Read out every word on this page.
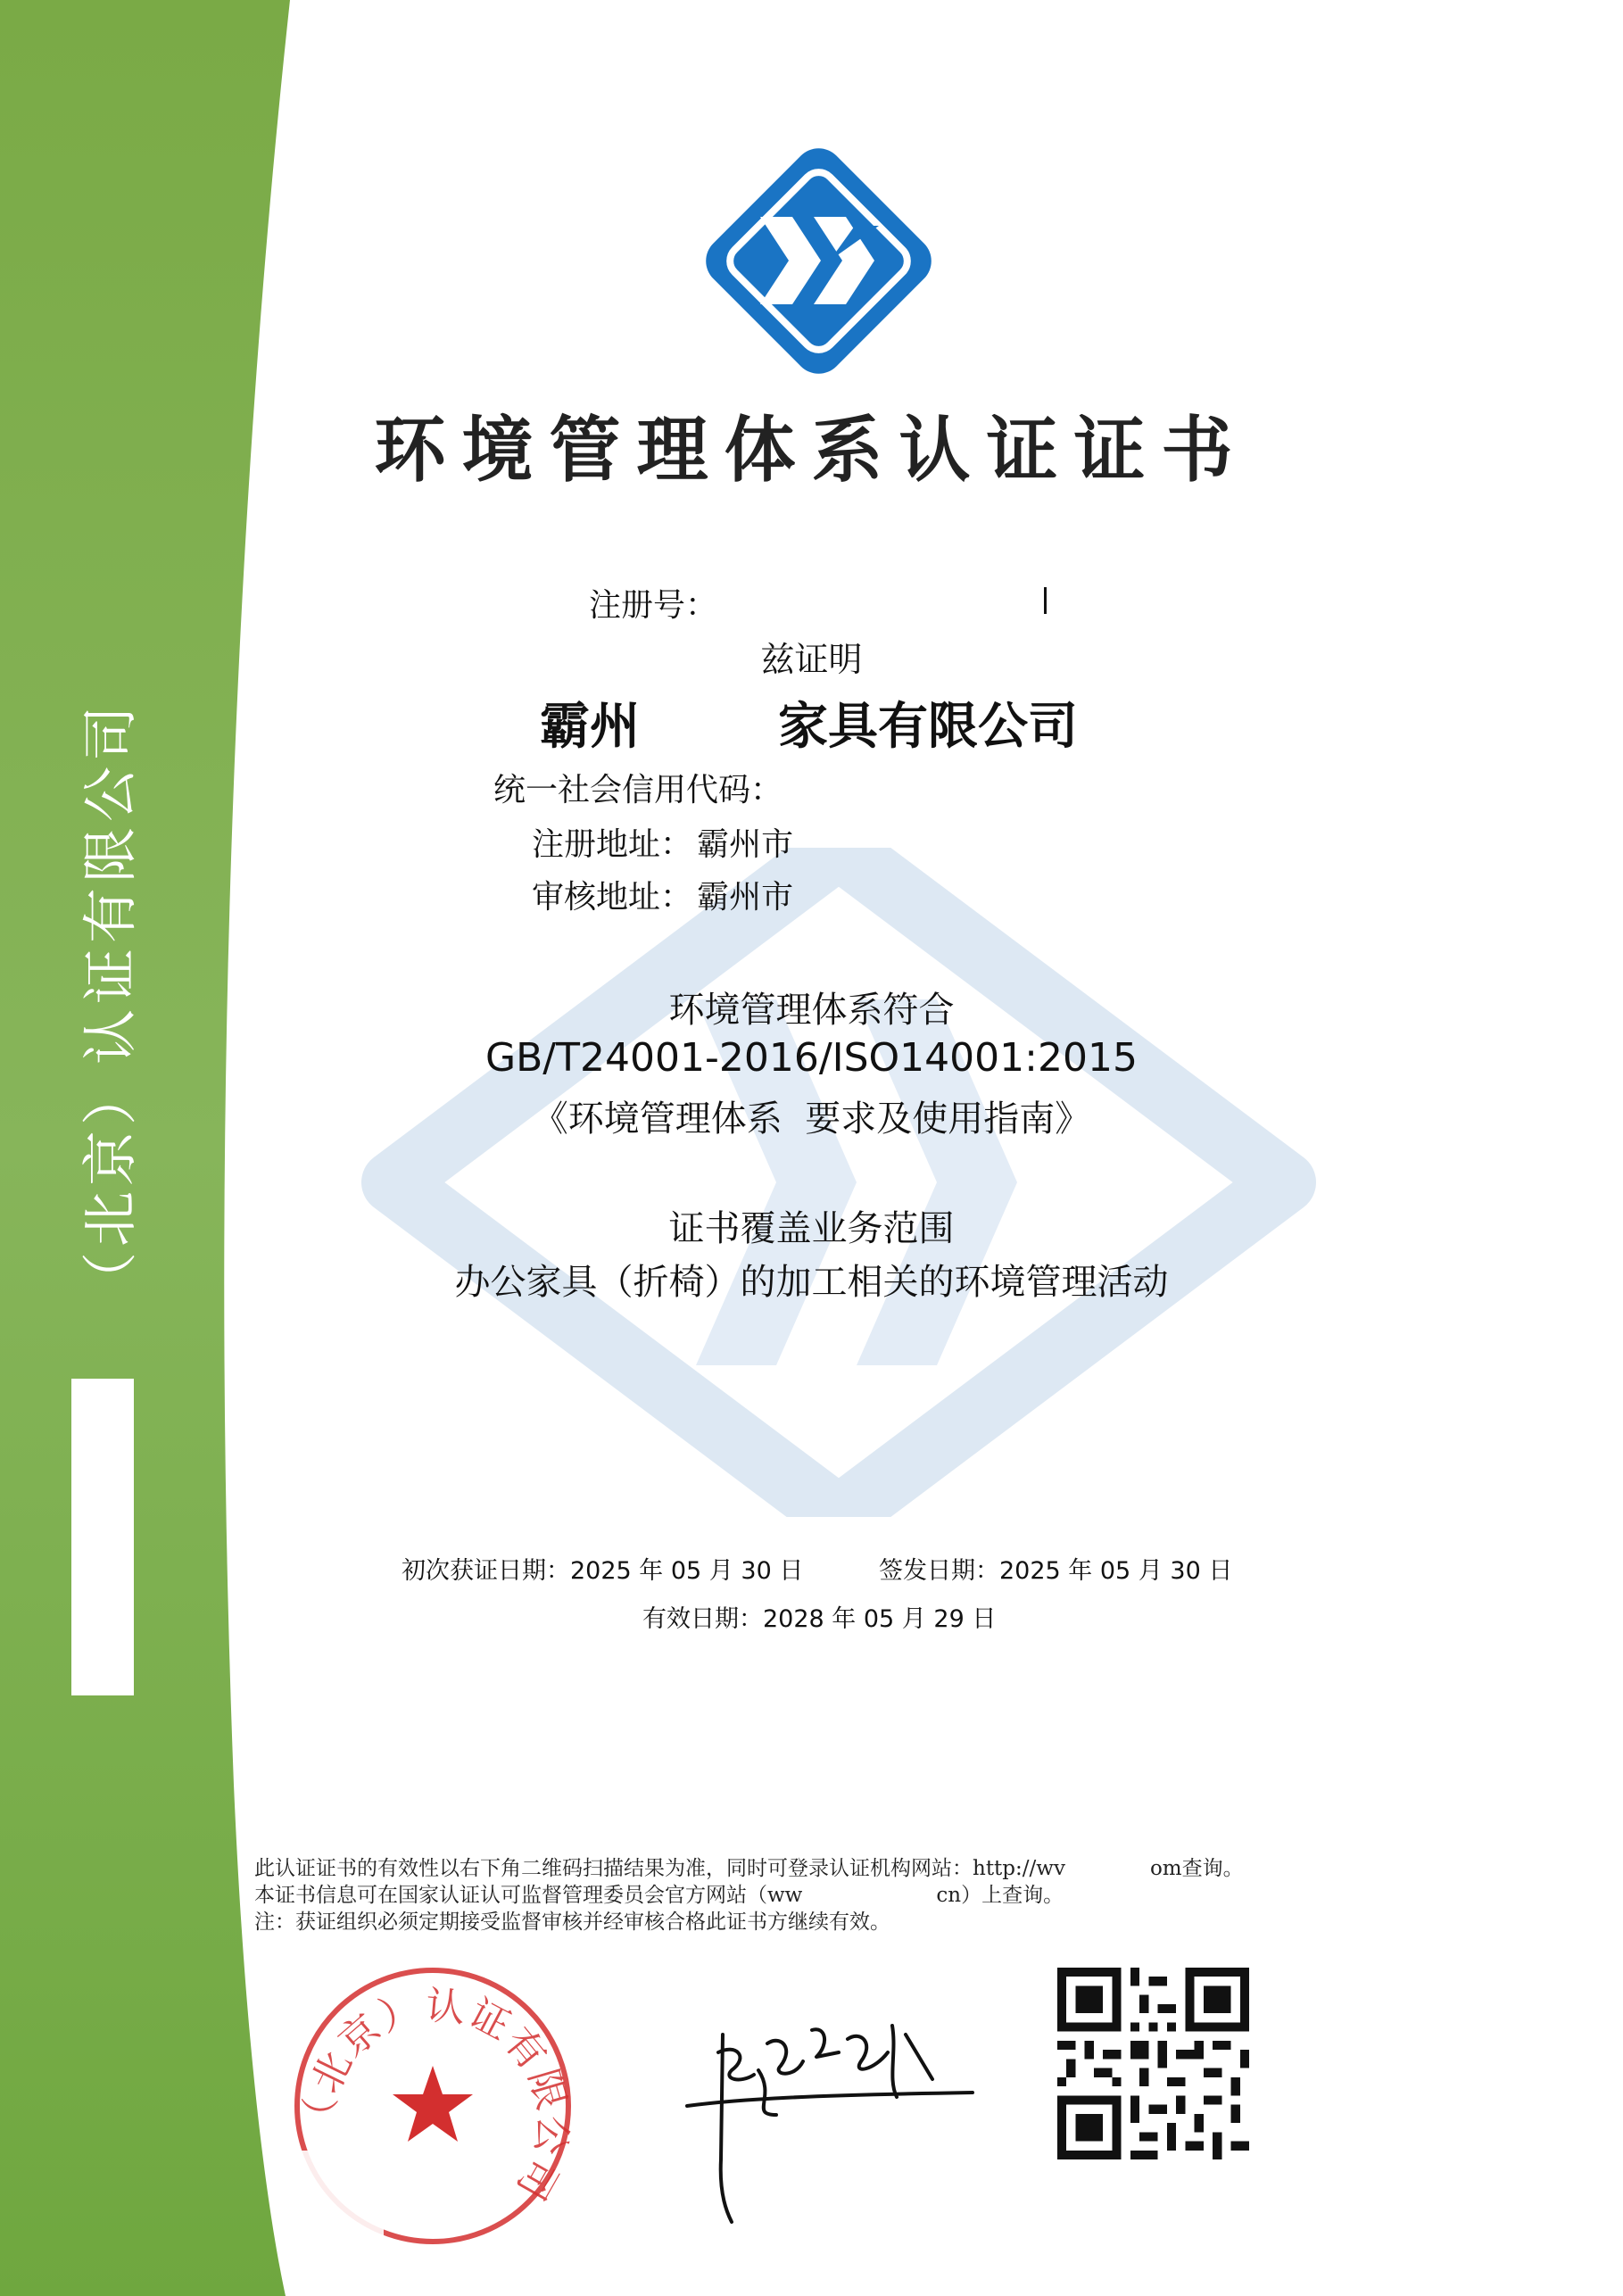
（北京）认证有限公司
环境管理体系认证证书
注册号：
兹证明
霸州	家具有限公司
统一社会信用代码：
注册地址： 霸州市
审核地址： 霸州市
环境管理体系符合
GB/T24001-2016/ISO14001:2015
《环境管理体系  要求及使用指南》
证书覆盖业务范围
办公家具（折椅）的加工相关的环境管理活动
初次获证日期：2025 年 05 月 30 日	签发日期：2025 年 05 月 30 日
有效日期：2028 年 05 月 29 日
此认证证书的有效性以右下角二维码扫描结果为准，同时可登录认证机构网站：http://wv	om查询。
本证书信息可在国家认证认可监督管理委员会官方网站（ww	cn）上查询。
注：获证组织必须定期接受监督审核并经审核合格此证书方继续有效。
（北京）认证有限公司
